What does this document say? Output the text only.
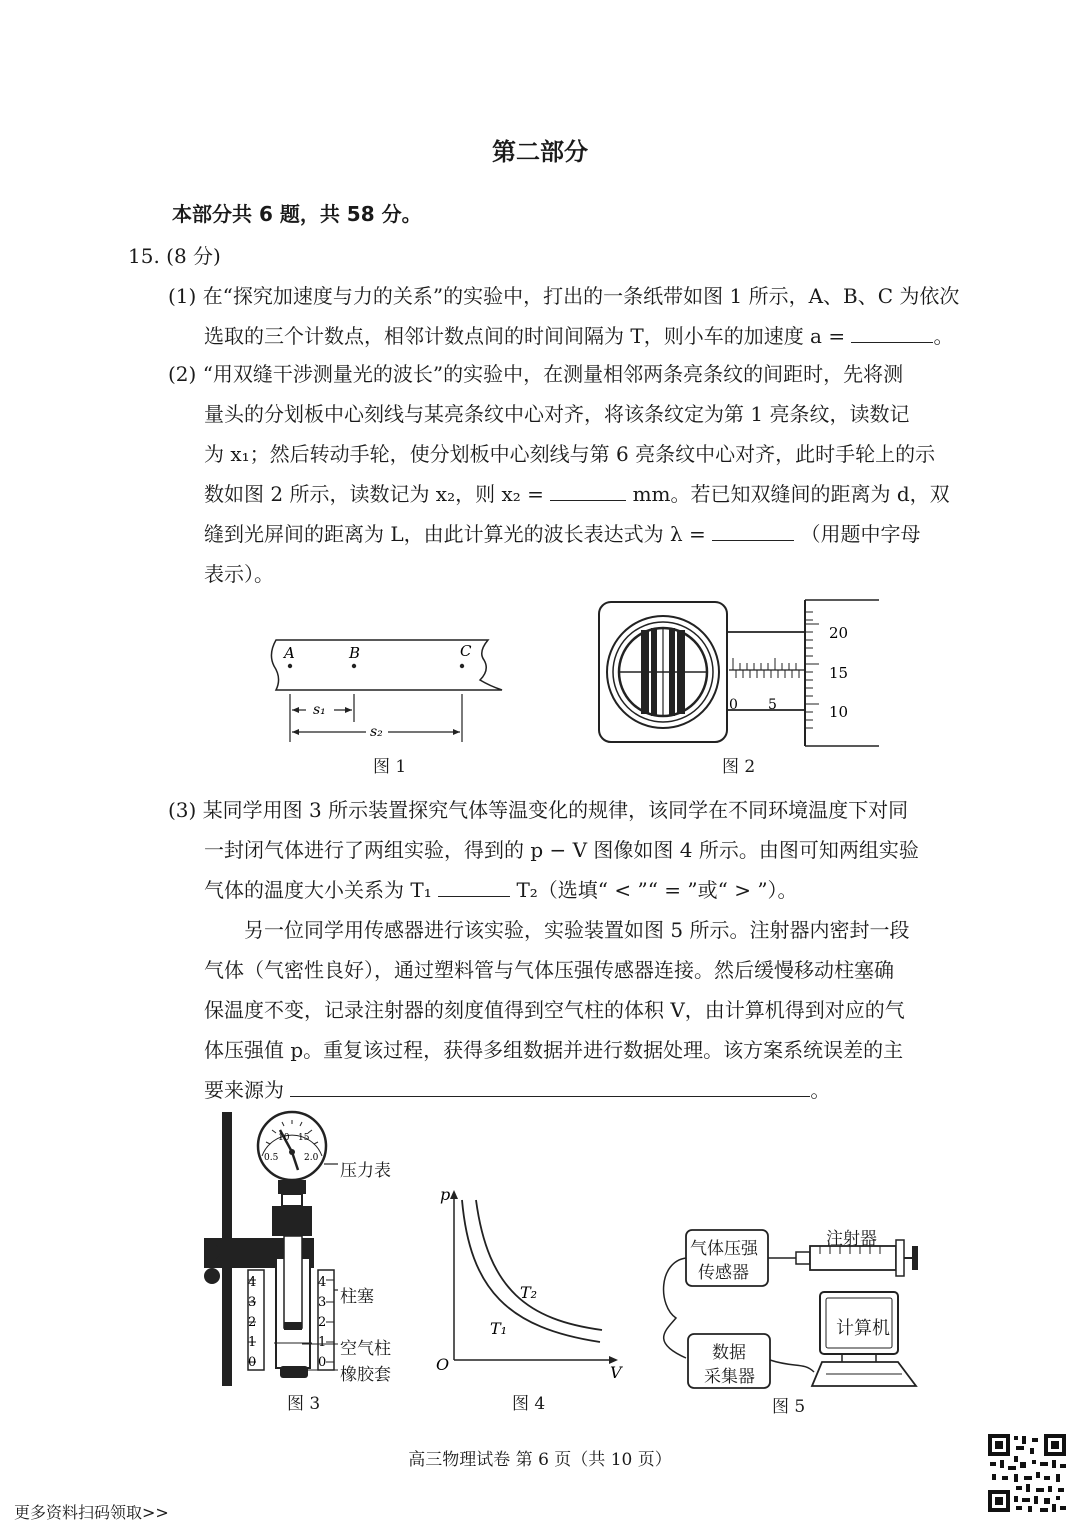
第二部分
本部分共 6 题，共 58 分。
15. (8 分)
(1) 在“探究加速度与力的关系”的实验中，打出的一条纸带如图 1 所示，A、B、C 为依次
选取的三个计数点，相邻计数点间的时间间隔为 T，则小车的加速度 a =	。
(2) “用双缝干涉测量光的波长”的实验中，在测量相邻两条亮条纹的间距时，先将测
量头的分划板中心刻线与某亮条纹中心对齐，将该条纹定为第 1 亮条纹，读数记
为 x₁；然后转动手轮，使分划板中心刻线与第 6 亮条纹中心对齐，此时手轮上的示
数如图 2 所示，读数记为 x₂，则 x₂ =	mm。若已知双缝间的距离为 d，双
缝到光屏间的距离为 L，由此计算光的波长表达式为 λ =	（用题中字母
表示）。
A	B	C
s₁
s₂
图 1
0 5
20
15
10
图 2
(3) 某同学用图 3 所示装置探究气体等温变化的规律，该同学在不同环境温度下对同
一封闭气体进行了两组实验，得到的 p − V 图像如图 4 所示。由图可知两组实验
气体的温度大小关系为 T₁	T₂（选填“ < ”“ = ”或“ > ”）。
另一位同学用传感器进行该实验，实验装置如图 5 所示。注射器内密封一段
气体（气密性良好），通过塑料管与气体压强传感器连接。然后缓慢移动柱塞确
保温度不变，记录注射器的刻度值得到空气柱的体积 V，由计算机得到对应的气
体压强值 p。重复该过程，获得多组数据并进行数据处理。该方案系统误差的主
要来源为	。
0.5
10 15
2.0
4
3
2
1
0
4
3
2
1
0
压力表
柱塞
空气柱
橡胶套
图 3
p
O	V
T₁
T₂
图 4
气体压强
传感器
注射器
计算机
数据
采集器
图 5
高三物理试卷 第 6 页（共 10 页）
更多资料扫码领取>>
